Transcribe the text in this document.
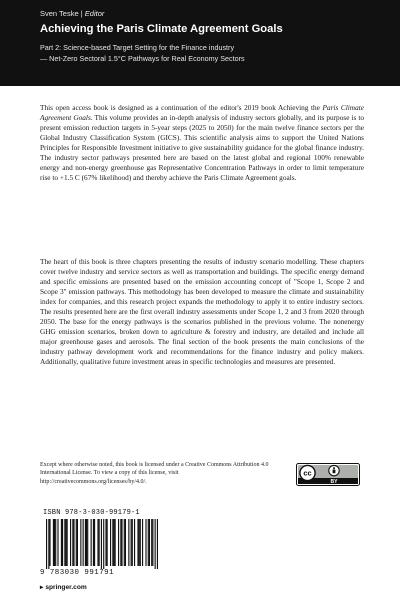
Sven Teske | Editor
Achieving the Paris Climate Agreement Goals
Part 2: Science-based Target Setting for the Finance industry
— Net-Zero Sectoral 1.5°C Pathways for Real Economy Sectors
This open access book is designed as a continuation of the editor's 2019 book Achieving the Paris Climate Agreement Goals. This volume provides an in-depth analysis of industry sectors globally, and its purpose is to present emission reduction targets in 5-year steps (2025 to 2050) for the main twelve finance sectors per the Global Industry Classification System (GICS). This scientific analysis aims to support the United Nations Principles for Responsible Investment initiative to give sustainability guidance for the global finance industry. The industry sector pathways presented here are based on the latest global and regional 100% renewable energy and non-energy greenhouse gas Representative Concentration Pathways in order to limit temperature rise to +1.5 C (67% likelihood) and thereby achieve the Paris Climate Agreement goals.
The heart of this book is three chapters presenting the results of industry scenario modelling. These chapters cover twelve industry and service sectors as well as transportation and buildings. The specific energy demand and specific emissions are presented based on the emission accounting concept of "Scope 1, Scope 2 and Scope 3" emission pathways. This methodology has been developed to measure the climate and sustainability index for companies, and this research project expands the methodology to apply it to entire industry sectors. The results presented here are the first overall industry assessments under Scope 1, 2 and 3 from 2020 through 2050. The base for the energy pathways is the scenarios published in the previous volume. The nonenergy GHG emission scenarios, broken down to agriculture & forestry and industry, are detailed and include all major greenhouse gases and aerosols. The final section of the book presents the main conclusions of the industry pathway development work and recommendations for the finance industry and policy makers. Additionally, qualitative future investment areas in specific technologies and measures are presented.
Except where otherwise noted, this book is licensed under a Creative Commons Attribution 4.0 International License. To view a copy of this license, visit http://creativecommons.org/licenses/by/4.0/.
cc
BY
ISBN 978-3-030-99179-1
9 783030 991791
▸ springer.com
